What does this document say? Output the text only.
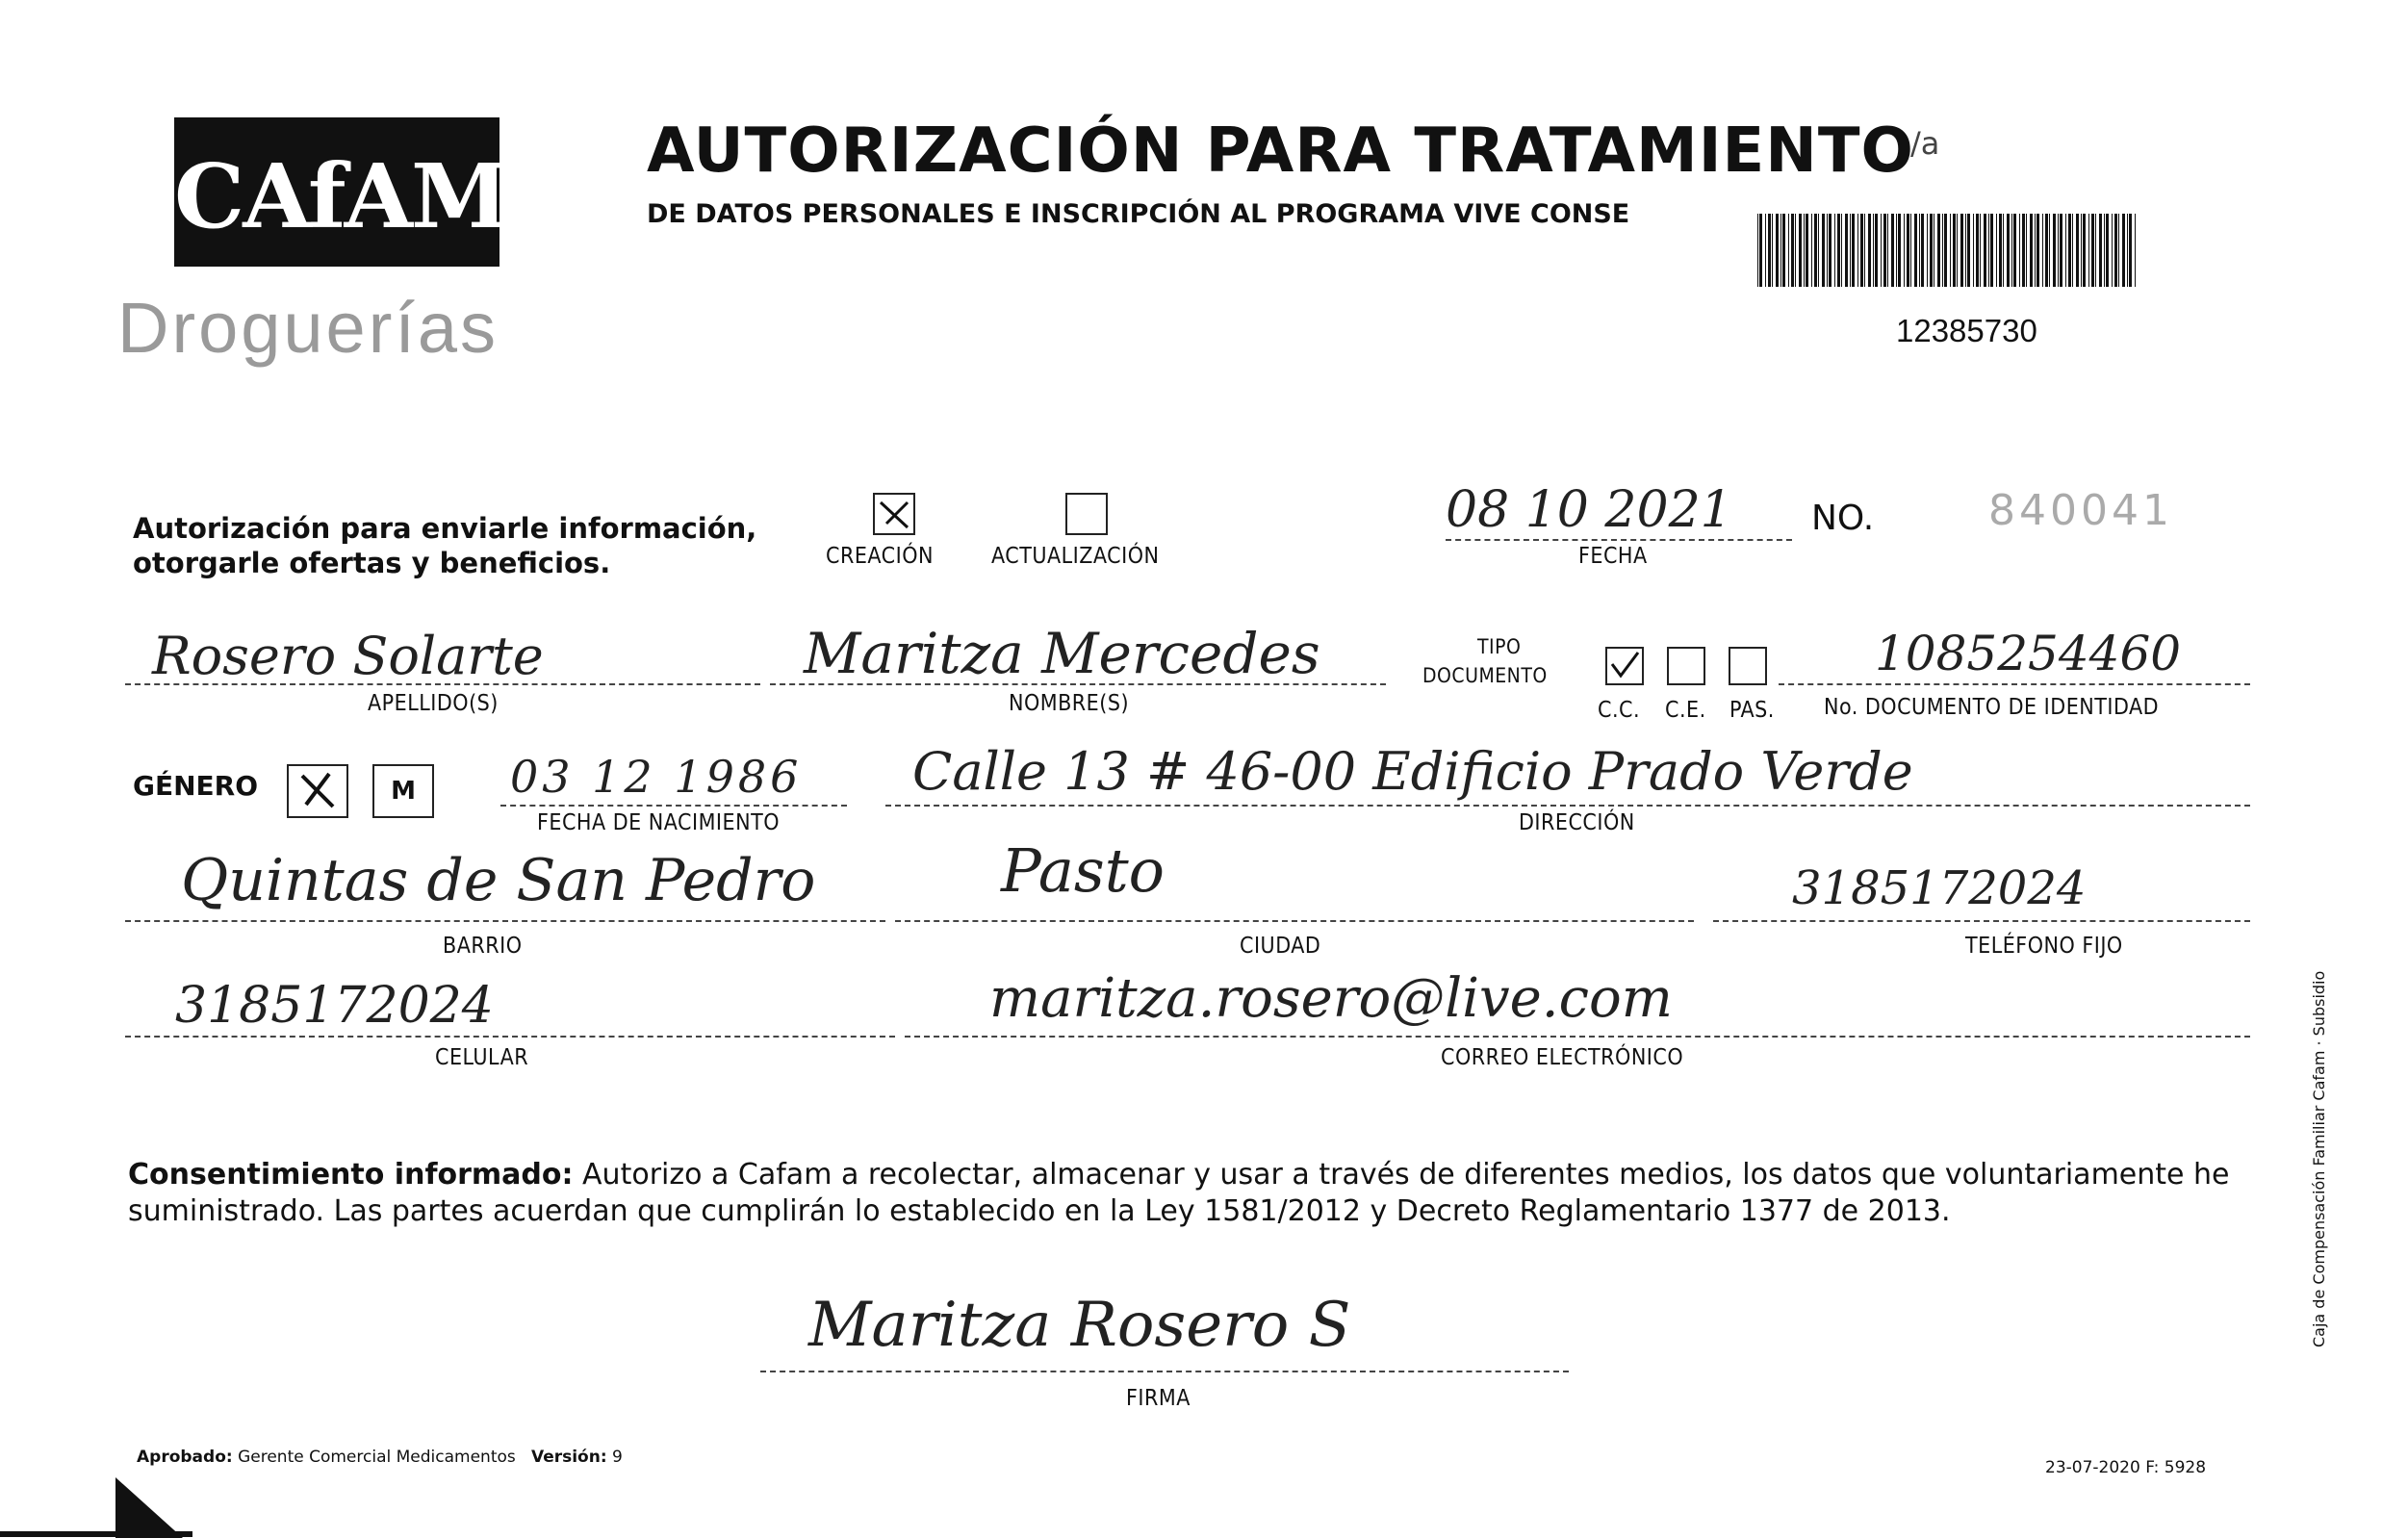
CAfAM
Droguerías
AUTORIZACIÓN PARA TRATAMIENTO
DE DATOS PERSONALES E INSCRIPCIÓN AL PROGRAMA VIVE CONSE
/a
12385730
Autorización para enviarle información,
otorgarle ofertas y beneficios.	CREACIÓN	ACTUALIZACIÓN
08 10 2021
FECHA
NO.	840041
Rosero Solarte
APELLIDO(S)
Maritza Mercedes
NOMBRE(S)
TIPO
DOCUMENTO
C.C. C.E. PAS.
1085254460
No. DOCUMENTO DE IDENTIDAD
GÉNERO	M	03 12 1986
FECHA DE NACIMIENTO
Calle 13 # 46-00 Edificio Prado Verde
DIRECCIÓN
Quintas de San Pedro
BARRIO
Pasto
CIUDAD
3185172024
TELÉFONO FIJO
3185172024
CELULAR
maritza.rosero@live.com
CORREO ELECTRÓNICO
Consentimiento informado: Autorizo a Cafam a recolectar, almacenar y usar a través de diferentes medios, los datos que voluntariamente he suministrado. Las partes acuerdan que cumplirán lo establecido en la Ley 1581/2012 y Decreto Reglamentario 1377 de 2013.
Maritza Rosero S
FIRMA
Aprobado: Gerente Comercial Medicamentos Versión: 9
23-07-2020 F: 5928
Caja de Compensación Familiar Cafam · Subsidio
